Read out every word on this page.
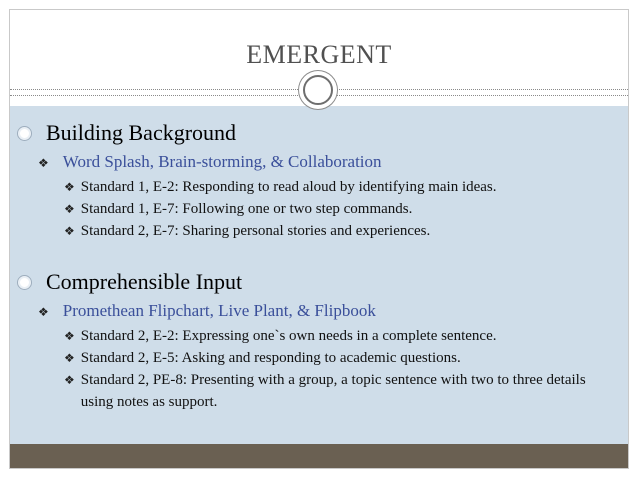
EMERGENT
Building Background
❖ Word Splash, Brain-storming, & Collaboration
❖ Standard 1, E-2: Responding to read aloud by identifying main ideas.
❖ Standard 1, E-7: Following one or two step commands.
❖ Standard 2, E-7: Sharing personal stories and experiences.
Comprehensible Input
❖ Promethean Flipchart, Live Plant, & Flipbook
❖ Standard 2, E-2: Expressing one`s own needs in a complete sentence.
❖ Standard 2, E-5: Asking and responding to academic questions.
❖ Standard 2, PE-8: Presenting with a group, a topic sentence with two to three details using notes as support.
